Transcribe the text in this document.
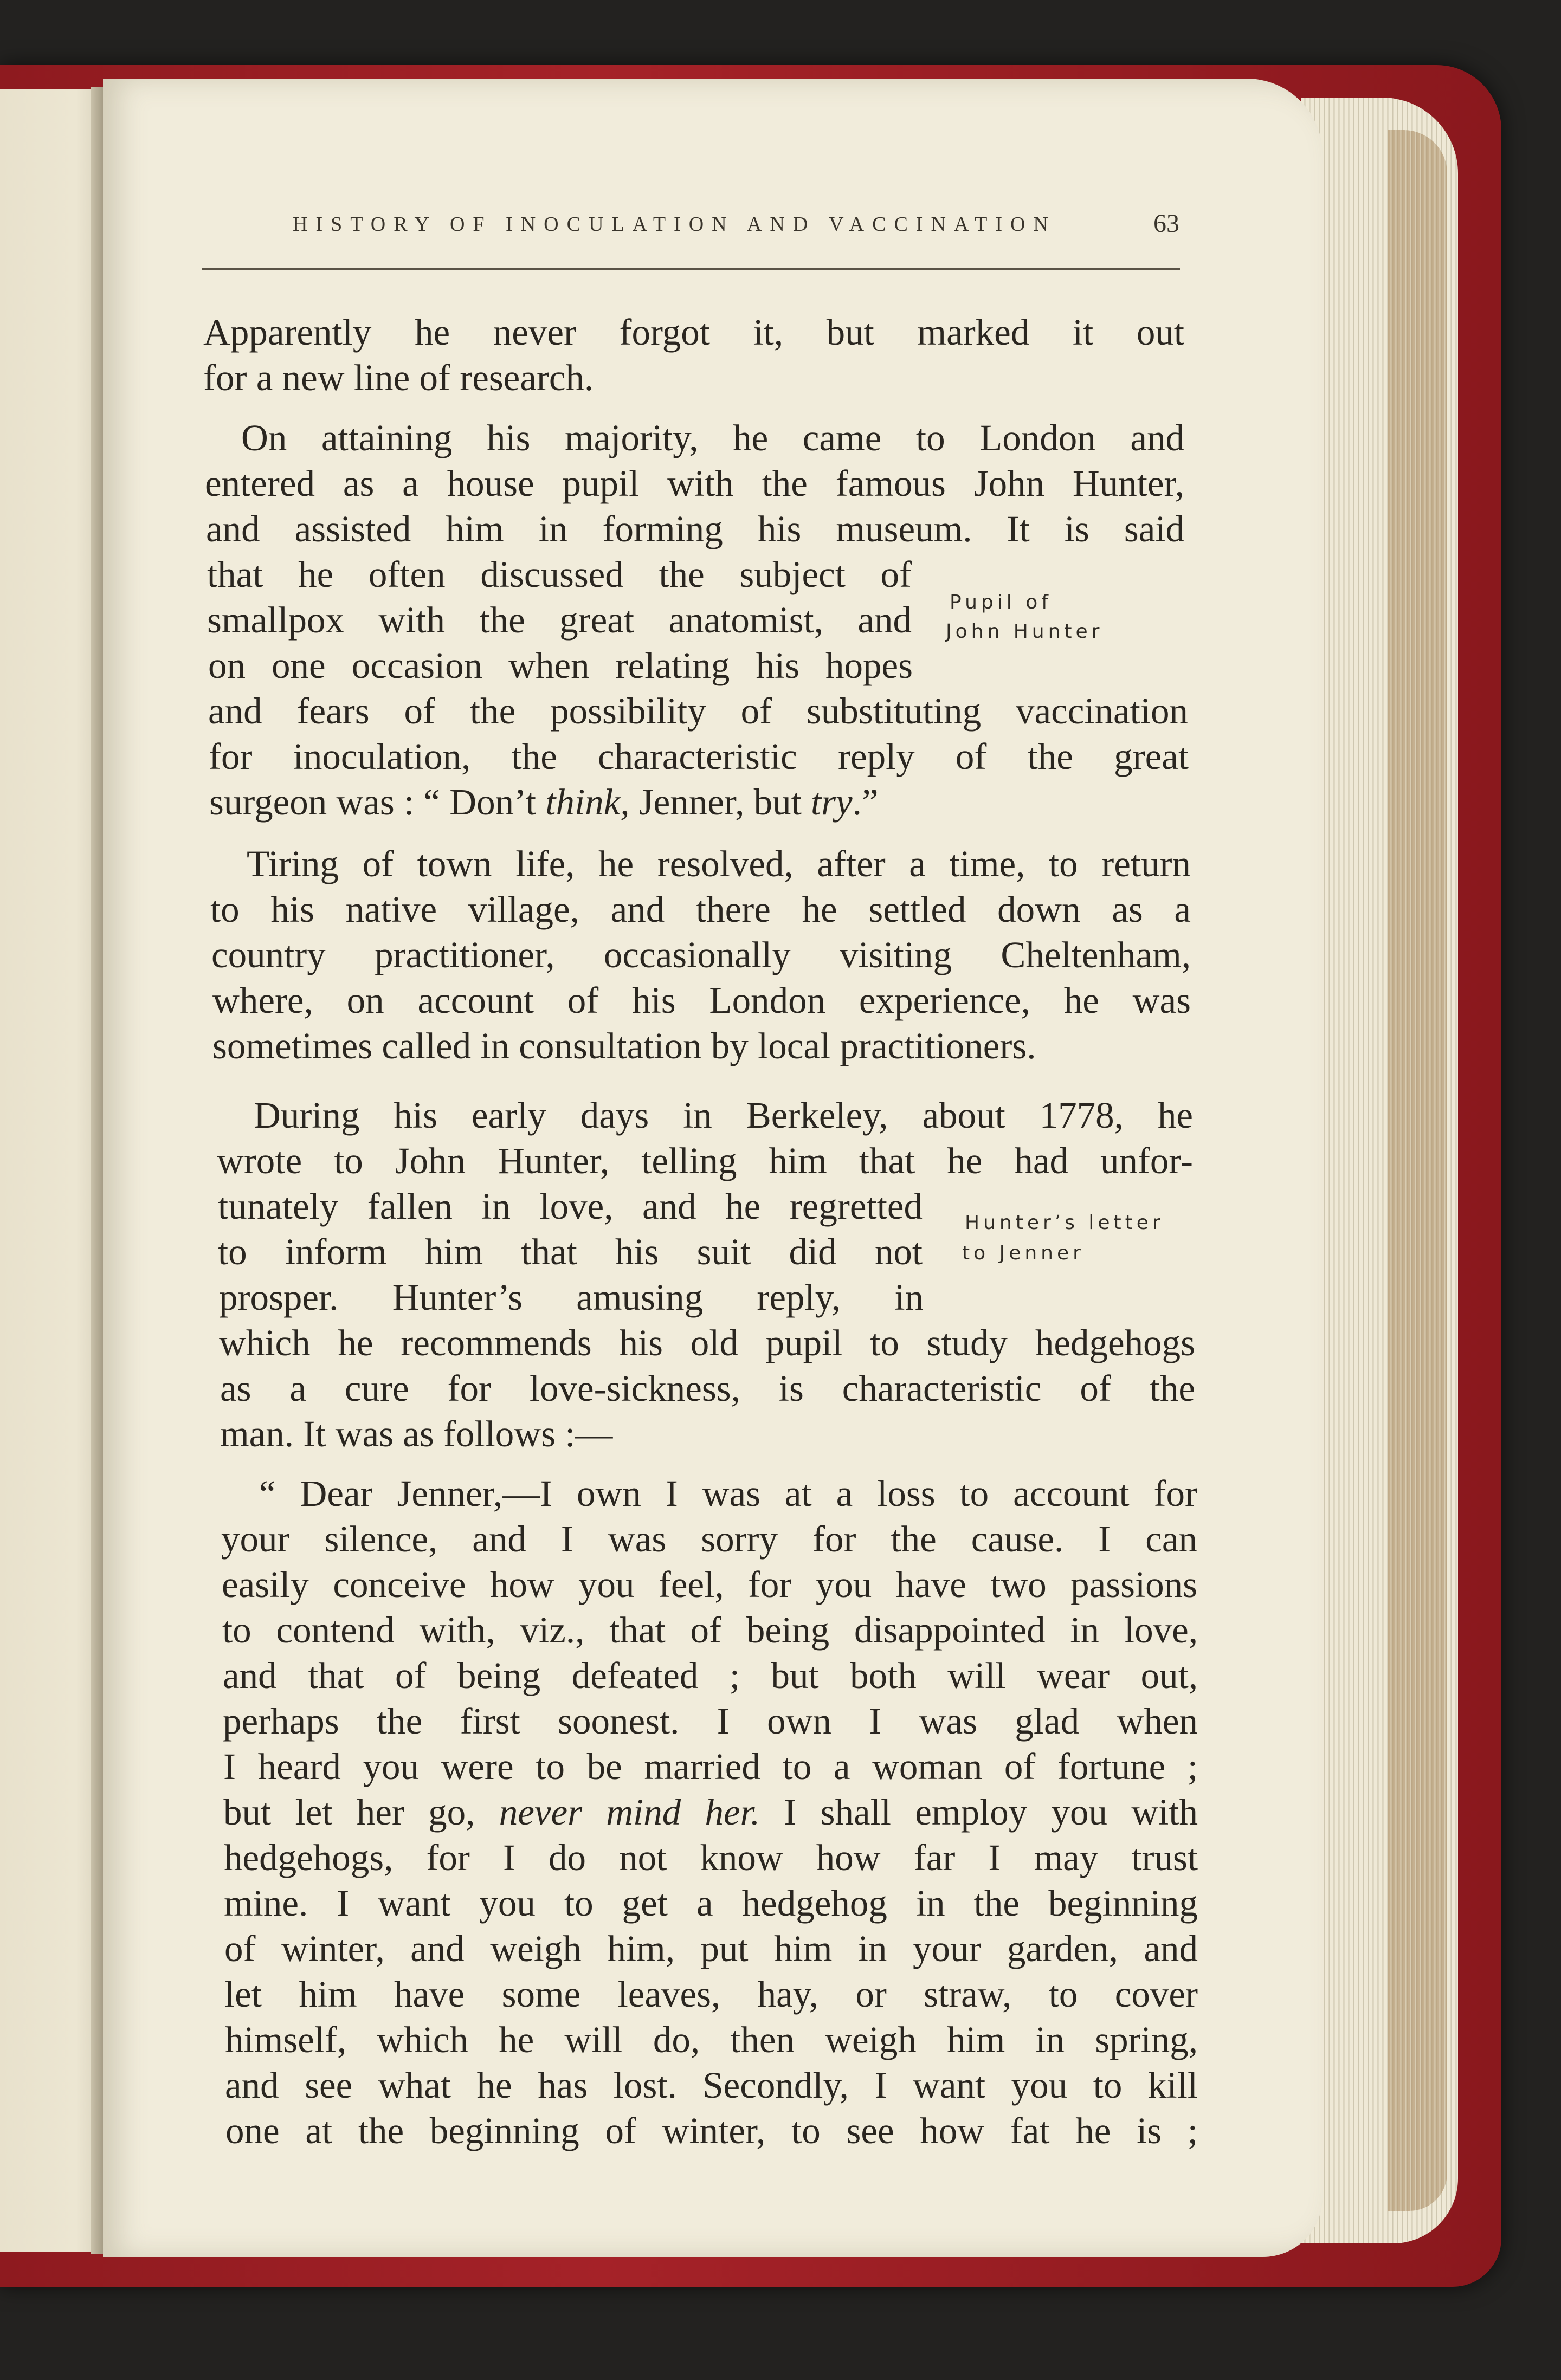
HISTORY OF INOCULATION AND VACCINATION	63
Apparently he never forgot it, but marked it out
for a new line of research.
On attaining his majority, he came to London and
entered as a house pupil with the famous John Hunter,
and assisted him in forming his museum. It is said
that he often discussed the subject of
smallpox with the great anatomist, and
on one occasion when relating his hopes
and fears of the possibility of substituting vaccination
for inoculation, the characteristic reply of the great
surgeon was : “ Don’t think, Jenner, but try.”
Pupil of
John Hunter
Tiring of town life, he resolved, after a time, to return
to his native village, and there he settled down as a
country practitioner, occasionally visiting Cheltenham,
where, on account of his London experience, he was
sometimes called in consultation by local practitioners.
During his early days in Berkeley, about 1778, he
wrote to John Hunter, telling him that he had unfor-
tunately fallen in love, and he regretted
to inform him that his suit did not
prosper. Hunter’s amusing reply, in
which he recommends his old pupil to study hedgehogs
as a cure for love-sickness, is characteristic of the
man. It was as follows :—
Hunter’s letter
to Jenner
“ Dear Jenner,—I own I was at a loss to account for
your silence, and I was sorry for the cause. I can
easily conceive how you feel, for you have two passions
to contend with, viz., that of being disappointed in love,
and that of being defeated ; but both will wear out,
perhaps the first soonest. I own I was glad when
I heard you were to be married to a woman of fortune ;
but let her go, never mind her. I shall employ you with
hedgehogs, for I do not know how far I may trust
mine. I want you to get a hedgehog in the beginning
of winter, and weigh him, put him in your garden, and
let him have some leaves, hay, or straw, to cover
himself, which he will do, then weigh him in spring,
and see what he has lost. Secondly, I want you to kill
one at the beginning of winter, to see how fat he is ;
